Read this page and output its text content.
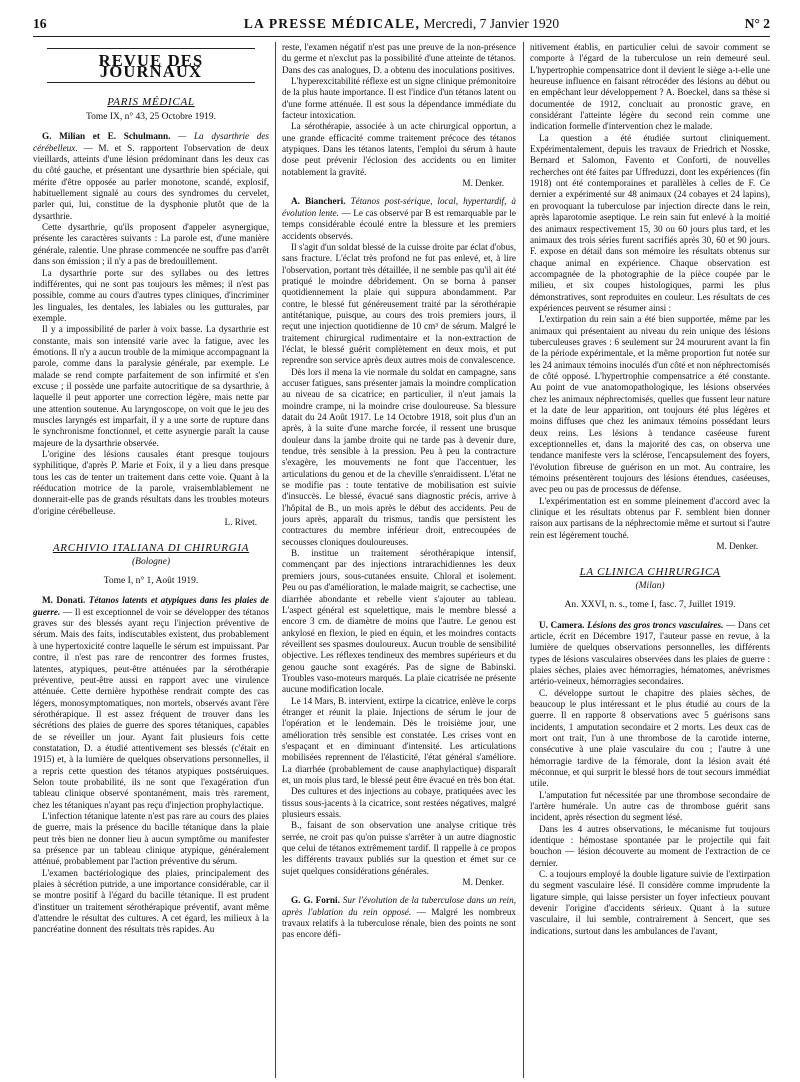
16	LA PRESSE MÉDICALE, Mercredi, 7 Janvier 1920	N° 2
REVUE DES JOURNAUX
PARIS MÉDICAL
Tome IX, n° 43, 25 Octobre 1919.

G. Milian et E. Schulmann. — La dysarthrie des cérébelleux. — M. et S. rapportent l'observation de deux vieillards, atteints d'une lésion prédominant dans les deux cas du côté gauche, et présentant une dysarthrie bien spéciale, qui mérite d'être opposée au parler monotone, scandé, explosif, habituellement signalé au cours des syndromes du cervelet, parler qui, lui, constitue de la dysphonie plutôt que de la dysarthrie.

Cette dysarthrie, qu'ils proposent d'appeler asynergique, présente les caractères suivants : La parole est, d'une manière générale, ralentie. Une phrase commencée ne souffre pas d'arrêt dans son émission ; il n'y a pas de bredouillement.

La dysarthrie porte sur des syllabes ou des lettres indifférentes, qui ne sont pas toujours les mêmes; il n'est pas possible, comme au cours d'autres types cliniques, d'incriminer les linguales, les dentales, les labiales ou les gutturales, par exemple.

Il y a impossibilité de parler à voix basse. La dysarthrie est constante, mais son intensité varie avec la fatigue, avec les émotions. Il n'y a aucun trouble de la mimique accompagnant la parole, comme dans la paralysie générale, par exemple. Le malade se rend compte parfaitement de son infirmité et s'en excuse ; il possède une parfaite autocritique de sa dysarthrie, à laquelle il peut apporter une correction légère, mais nette par une attention soutenue. Au laryngoscope, on voit que le jeu des muscles laryngés est imparfait, il y a une sorte de rupture dans le synchronisme fonctionnel, et cette asynergie paraît la cause majeure de la dysarthrie observée.

L'origine des lésions causales étant presque toujours syphilitique, d'après P. Marie et Foix, il y a lieu dans presque tous les cas de tenter un traitement dans cette voie. Quant à la rééducation motrice de la parole, vraisemblablement ne donnerait-elle pas de grands résultats dans les troubles moteurs d'origine cérébelleuse.

L. Rivet.
ARCHIVIO ITALIANA DI CHIRURGIA
(Bologne)
Tome I, n° 1, Août 1919.

M. Donati. Tétanos latents et atypiques dans les plaies de guerre. — Il est exceptionnel de voir se développer des tétanos graves sur des blessés ayant reçu l'injection préventive de sérum. Mais des faits, indiscutables existent, dus probablement à une hypertoxicité contre laquelle le sérum est impuissant. Par contre, il n'est pas rare de rencontrer des formes frustes, latentes, atypiques, peut-être atténuées par la sérothérapie préventive, peut-être aussi en rapport avec une virulence atténuée. Cette dernière hypothèse rendrait compte des cas légers, monosymptomatiques, non mortels, observés avant l'ère sérothérapique. Il est assez fréquent de trouver dans les sécrétions des plaies de guerre des spores tétaniques, capables de se réveiller un jour. Ayant fait plusieurs fois cette constatation, D. a étudié attentivement ses blessés (c'était en 1915) et, à la lumière de quelques observations personnelles, il a repris cette question des tétanos atypiques postséruiques. Selon toute probabilité, ils ne sont que l'exagération d'un tableau clinique observé spontanément, mais très rarement, chez les tétaniques n'ayant pas reçu d'injection prophylactique.

L'infection tétanique latente n'est pas rare au cours des plaies de guerre, mais la présence du bacille tétanique dans la plaie peut très bien ne donner lieu à aucun symptôme ou manifester sa présence par un tableau clinique atypique, généralement atténué, probablement par l'action préventive du sérum.

L'examen bactériologique des plaies, principalement des plaies à sécrétion putride, a une importance considérable, car il se montre positif à l'égard du bacille tétanique. Il est prudent d'instituer un traitement sérothérapique préventif, avant même d'attendre le résultat des cultures. A cet égard, les milieux à la pancréatine donnent des résultats très rapides. Au

reste, l'examen négatif n'est pas une preuve de la non-présence du germe et n'exclut pas la possibilité d'une atteinte de tétanos. Dans des cas analogues, D. a obtenu des inoculations positives.

L'hyperexcitabilité réflexe est un signe clinique prémonitoire de la plus haute importance. Il est l'indice d'un tétanos latent ou d'une forme atténuée. Il est sous la dépendance immédiate du facteur intoxication.

La sérothérapie, associée à un acte chirurgical opportun, a une grande efficacité comme traitement précoce des tétanos atypiques. Dans les tétanos latents, l'emploi du sérum à haute dose peut prévenir l'éclosion des accidents ou en limiter notablement la gravité.

M. Denker.

A. Biancheri. Tétanos post-sérique, local, hypertardif, à évolution lente. — Le cas observé par B est remarquable par le temps considérable écoulé entre la blessure et les premiers accidents observés.

Il s'agit d'un soldat blessé de la cuisse droite par éclat d'obus, sans fracture. L'éclat très profond ne fut pas enlevé, et, à lire l'observation, portant très détaillée, il ne semble pas qu'il ait été pratiqué le moindre débridement. On se borna à panser quotidiennement la plaie qui suppura abondamment. Par contre, le blessé fut généreusement traité par la sérothérapie antitétanique, puisque, au cours des trois premiers jours, il reçut une injection quotidienne de 10 cm³ de sérum. Malgré le traitement chirurgical rudimentaire et la non-extraction de l'éclat, le blessé guérit complètement en deux mois, et put reprendre son service après deux autres mois de convalescence.

Dès lors il mena la vie normale du soldat en campagne, sans accuser fatigues, sans présenter jamais la moindre complication au niveau de sa cicatrice; en particulier, il n'eut jamais la moindre crampe, ni la moindre crise douloureuse. Sa blessure datait du 24 Août 1917. Le 14 Octobre 1918, soit plus d'un an après, à la suite d'une marche forcée, il ressent une brusque douleur dans la jambe droite qui ne tarde pas à devenir dure, tendue, très sensible à la pression. Peu à peu la contracture s'exagère, les mouvements ne font que l'accentuer, les articulations du genou et de la cheville s'enraidissent. L'état ne se modifie pas : toute tentative de mobilisation est suivie d'insuccès. Le blessé, évacué sans diagnostic précis, arrive à l'hôpital de B., un mois après le début des accidents. Peu de jours après, apparaît du trismus, tandis que persistent les contractures du membre inférieur droit, entrecoupées de secousses cloniques douloureuses.

B. institue un traitement sérothérapique intensif, commençant par des injections intrarachidiennes les deux premiers jours, sous-cutanées ensuite. Chloral et isolement. Peu ou pas d'amélioration, le malade maigrit, se cachectise, une diarrhée abondante et rebelle vient s'ajouter au tableau. L'aspect général est squelettique, mais le membre blessé a encore 3 cm. de diamètre de moins que l'autre. Le genou est ankylosé en flexion, le pied en équin, et les moindres contacts réveillent ses spasmes douloureux. Aucun trouble de sensibilité objective. Les réflexes tendineux des membres supérieurs et du genou gauche sont exagérés. Pas de signe de Babinski. Troubles vaso-moteurs marqués. La plaie cicatrisée ne présente aucune modification locale.

Le 14 Mars, B. intervient, extirpe la cicatrice, enlève le corps étranger et réunit la plaie. Injections de sérum le jour de l'opération et le lendemain. Dès le troisième jour, une amélioration très sensible est constatée. Les crises vont en s'espaçant et en diminuant d'intensité. Les articulations mobilisées reprennent de l'élasticité, l'état général s'améliore. La diarrhée (probablement de cause anaphylactique) disparaît et, un mois plus tard, le blessé peut être évacué en très bon état.

Des cultures et des injections au cobaye, pratiquées avec les tissus sous-jacents à la cicatrice, sont restées négatives, malgré plusieurs essais.

B., faisant de son observation une analyse critique très serrée, ne croit pas qu'on puisse s'arrêter à un autre diagnostic que celui de tétanos extrêmement tardif. Il rappelle à ce propos les différents travaux publiés sur la question et émet sur ce sujet quelques considérations générales.

M. Denker.

G. G. Forni. Sur l'évolution de la tuberculose dans un rein, après l'ablation du rein opposé. — Malgré les nombreux travaux relatifs à la tuberculose rénale, bien des points ne sont pas encore défi-

nitivement établis, en particulier celui de savoir comment se comporte à l'égard de la tuberculose un rein demeuré seul. L'hypertrophie compensatrice dont il devient le siège a-t-elle une heureuse influence en faisant rétrocéder des lésions au début ou en empêchant leur développement ? A. Boeckel, dans sa thèse si documentée de 1912, concluait au pronostic grave, en considérant l'atteinte légère du second rein comme une indication formelle d'intervention chez le malade.

La question a été étudiée surtout cliniquement. Expérimentalement, depuis les travaux de Friedrich et Nosske, Bernard et Salomon, Favento et Conforti, de nouvelles recherches ont été faites par Uffreduzzi, dont les expériences (fin 1918) ont été contemporaines et parallèles à celles de F. Ce dernier a expérimenté sur 48 animaux (24 cobayes et 24 lapins), en provoquant la tuberculose par injection directe dans le rein, après laparotomie aseptique. Le rein sain fut enlevé à la moitié des animaux respectivement 15, 30 ou 60 jours plus tard, et les animaux des trois séries furent sacrifiés après 30, 60 et 90 jours. F. expose en détail dans son mémoire les résultats obtenus sur chaque animal en expérience. Chaque observation est accompagnée de la photographie de la pièce coupée par le milieu, et six coupes histologiques, parmi les plus démonstratives, sont reproduites en couleur. Les résultats de ces expériences peuvent se résumer ainsi :

L'extirpation du rein sain a été bien supportée, même par les animaux qui présentaient au niveau du rein unique des lésions tuberculeuses graves : 6 seulement sur 24 moururent avant la fin de la période expérimentale, et la même proportion fut notée sur les 24 animaux témoins inoculés d'un côté et non néphrectomisés de côté opposé. L'hypertrophie compensatrice a été constante. Au point de vue anatomopathologique, les lésions observées chez les animaux néphrectomisés, quelles que fussent leur nature et la date de leur apparition, ont toujours été plus légères et moins diffuses que chez les animaux témoins possédant leurs deux reins. Les lésions à tendance caséeuse furent exceptionnelles et, dans la majorité des cas, on observa une tendance manifeste vers la sclérose, l'encapsulement des foyers, l'évolution fibreuse de guérison en un mot. Au contraire, les témoins présentèrent toujours des lésions étendues, caséeuses, avec peu ou pas de processus de défense.

L'expérimentation est en somme pleinement d'accord avec la clinique et les résultats obtenus par F. semblent bien donner raison aux partisans de la néphrectomie même et surtout si l'autre rein est légèrement touché.

M. Denker.
LA CLINICA CHIRURGICA
(Milan)
An. XXVI, n. s., tome I, fasc. 7, Juillet 1919.

U. Camera. Lésions des gros troncs vasculaires. — Dans cet article, écrit en Décembre 1917, l'auteur passe en revue, à la lumière de quelques observations personnelles, les différents types de lésions vasculaires observées dans les plaies de guerre : plaies sèches, plaies avec hémorragies, hématomes, anévrismes artério-veineux, hémorragies secondaires.

C. développe surtout le chapitre des plaies sèches, de beaucoup le plus intéressant et le plus étudié au cours de la guerre. Il en rapporte 8 observations avec 5 guérisons sans incidents, 1 amputation secondaire et 2 morts. Les deux cas de mort ont trait, l'un à une thrombose de la carotide interne, consécutive à une plaie vasculaire du cou ; l'autre à une hémorragie tardive de la fémorale, dont la lésion avait été méconnue, et qui surprit le blessé hors de tout secours immédiat utile.

L'amputation fut nécessitée par une thrombose secondaire de l'artère humérale. Un autre cas de thrombose guérit sans incident, après résection du segment lésé.

Dans les 4 autres observations, le mécanisme fut toujours identique : hémostase spontanée par le projectile qui fait bouchon — lésion découverte au moment de l'extraction de ce dernier.

C. a toujours employé la double ligature suivie de l'extirpation du segment vasculaire lésé. Il considère comme imprudente la ligature simple, qui laisse persister un foyer infectieux pouvant devenir l'origine d'accidents sérieux. Quant à la suture vasculaire, il lui semble, contrairement à Sencert, que ses indications, surtout dans les ambulances de l'avant,
